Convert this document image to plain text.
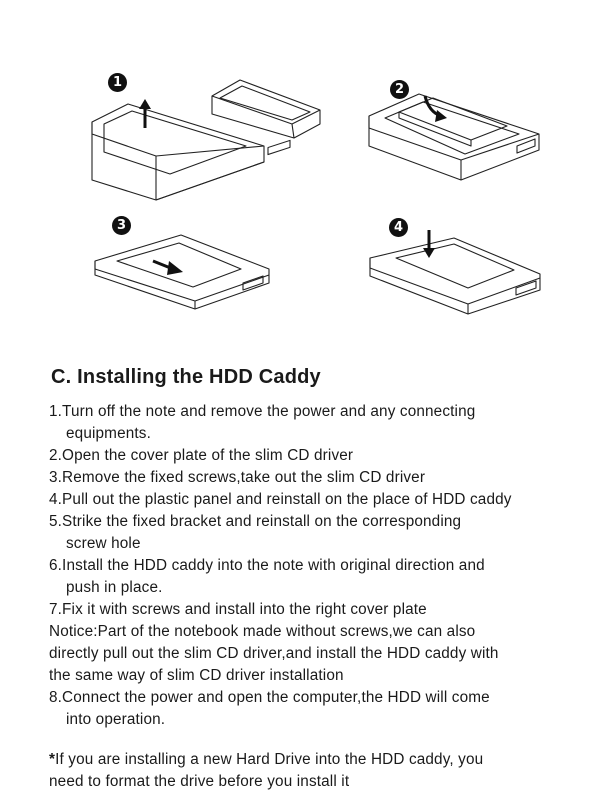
1	2
3	4
C. Installing the HDD Caddy
1.Turn off the note and remove the power and any connecting
equipments.
2.Open the cover plate of the slim CD driver
3.Remove the fixed screws,take out the slim CD driver
4.Pull out the plastic panel and reinstall on the place of HDD caddy
5.Strike the fixed bracket and reinstall on the corresponding
screw hole
6.Install the HDD caddy into the note with original direction and
push in place.
7.Fix it with screws and install into the right cover plate
Notice:Part of the notebook made without screws,we can also
directly pull out the slim CD driver,and install the HDD caddy with
the same way of slim CD driver installation
8.Connect the power and open the computer,the HDD will come
into operation.
*If you are installing a new Hard Drive into the HDD caddy, you
need to format the drive before you install it
